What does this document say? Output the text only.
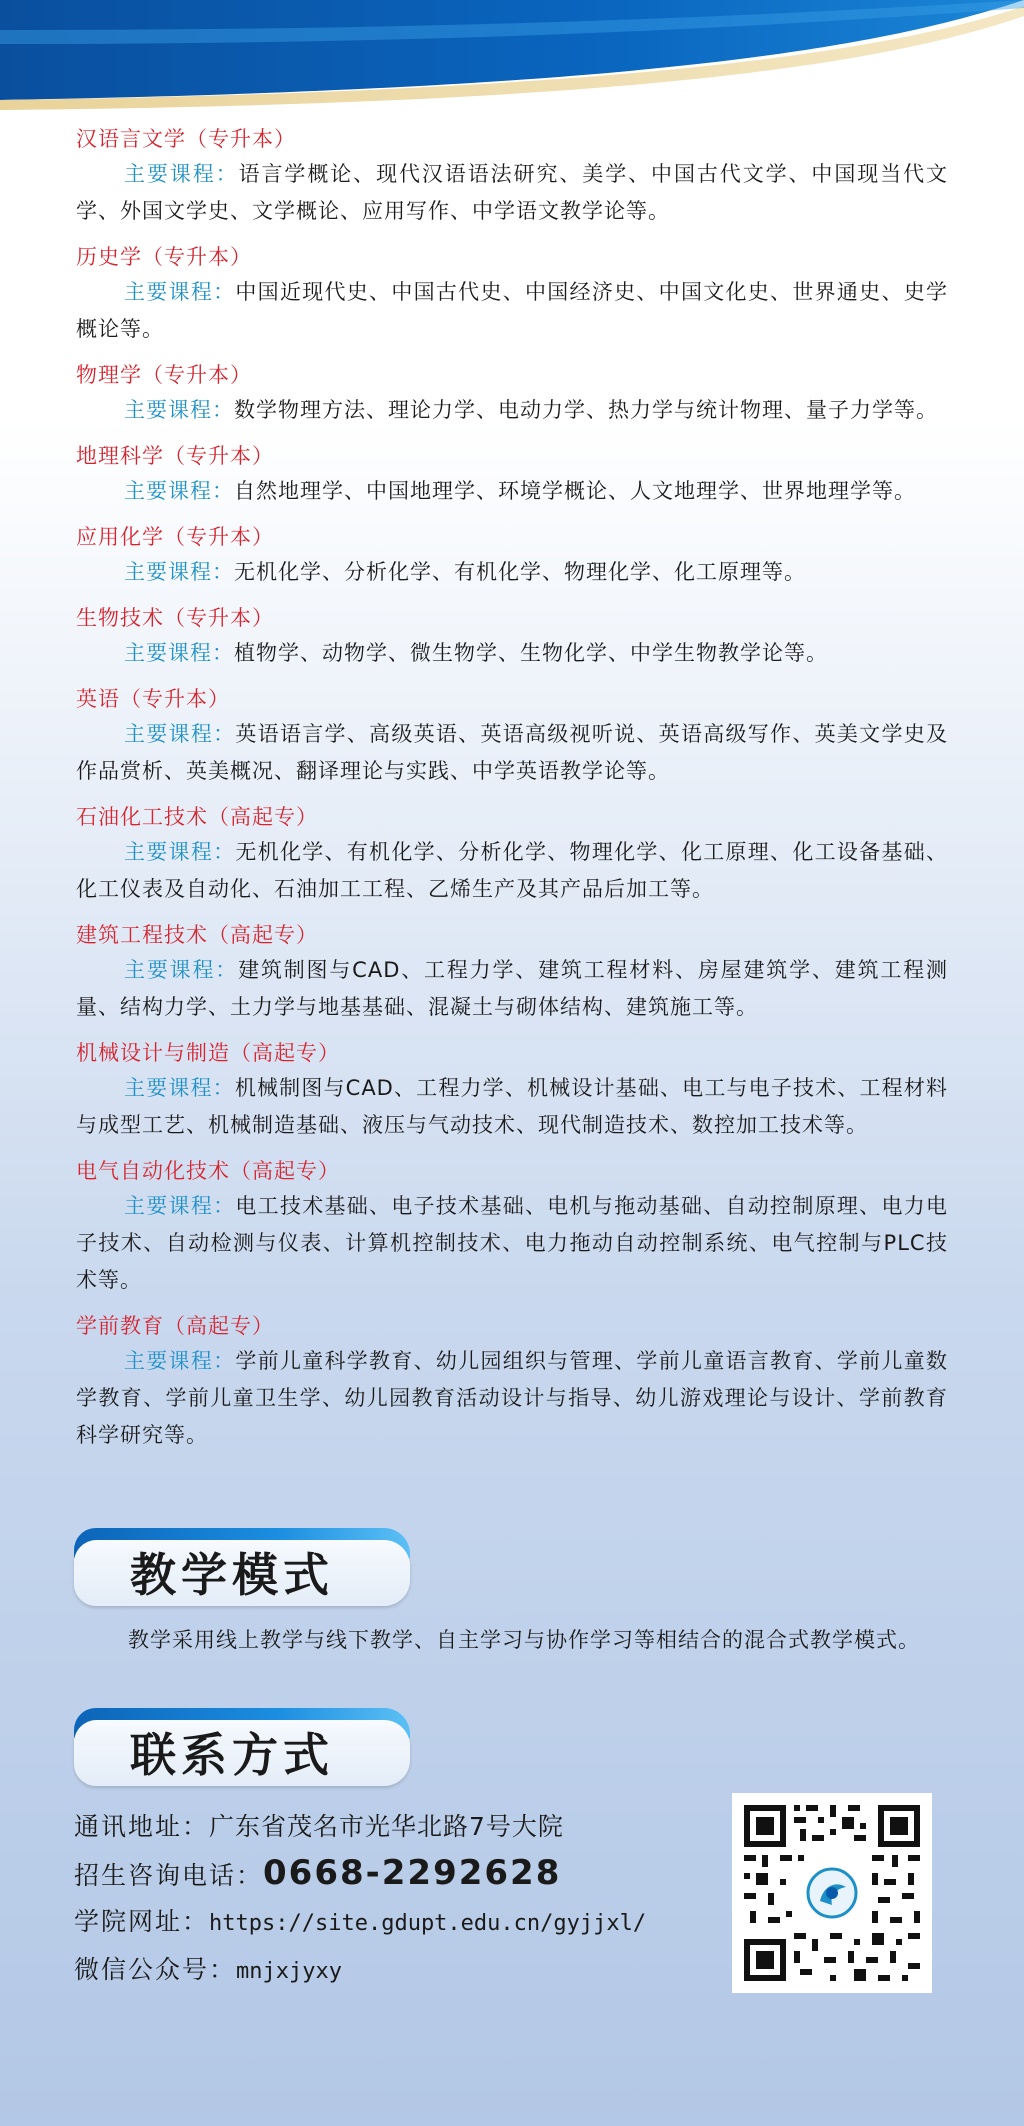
汉语言文学（专升本）
主要课程：语言学概论、现代汉语语法研究、美学、中国古代文学、中国现当代文学、外国文学史、文学概论、应用写作、中学语文教学论等。
历史学（专升本）
主要课程：中国近现代史、中国古代史、中国经济史、中国文化史、世界通史、史学概论等。
物理学（专升本）
主要课程：数学物理方法、理论力学、电动力学、热力学与统计物理、量子力学等。
地理科学（专升本）
主要课程：自然地理学、中国地理学、环境学概论、人文地理学、世界地理学等。
应用化学（专升本）
主要课程：无机化学、分析化学、有机化学、物理化学、化工原理等。
生物技术（专升本）
主要课程：植物学、动物学、微生物学、生物化学、中学生物教学论等。
英语（专升本）
主要课程：英语语言学、高级英语、英语高级视听说、英语高级写作、英美文学史及作品赏析、英美概况、翻译理论与实践、中学英语教学论等。
石油化工技术（高起专）
主要课程：无机化学、有机化学、分析化学、物理化学、化工原理、化工设备基础、化工仪表及自动化、石油加工工程、乙烯生产及其产品后加工等。
建筑工程技术（高起专）
主要课程：建筑制图与CAD、工程力学、建筑工程材料、房屋建筑学、建筑工程测量、结构力学、土力学与地基基础、混凝土与砌体结构、建筑施工等。
机械设计与制造（高起专）
主要课程：机械制图与CAD、工程力学、机械设计基础、电工与电子技术、工程材料与成型工艺、机械制造基础、液压与气动技术、现代制造技术、数控加工技术等。
电气自动化技术（高起专）
主要课程：电工技术基础、电子技术基础、电机与拖动基础、自动控制原理、电力电子技术、自动检测与仪表、计算机控制技术、电力拖动自动控制系统、电气控制与PLC技术等。
学前教育（高起专）
主要课程：学前儿童科学教育、幼儿园组织与管理、学前儿童语言教育、学前儿童数学教育、学前儿童卫生学、幼儿园教育活动设计与指导、幼儿游戏理论与设计、学前教育科学研究等。
教学模式
教学采用线上教学与线下教学、自主学习与协作学习等相结合的混合式教学模式。
联系方式
通讯地址：广东省茂名市光华北路7号大院
招生咨询电话：0668-2292628
学院网址：https://site.gdupt.edu.cn/gyjjxl/
微信公众号：mnjxjyxy
